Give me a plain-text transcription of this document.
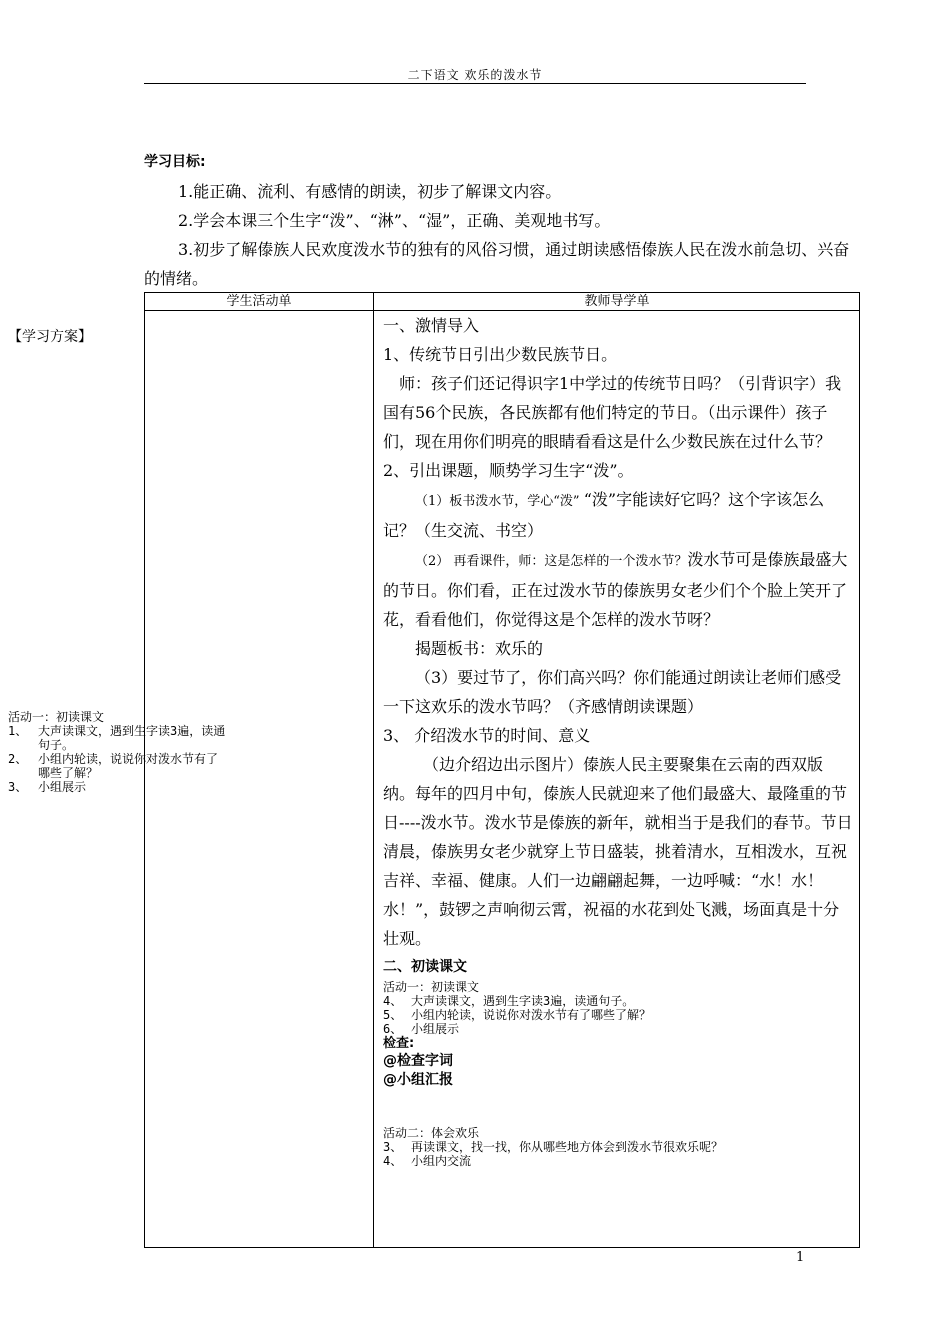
二下语文 欢乐的泼水节
学习目标:
1.能正确、流利、有感情的朗读，初步了解课文内容。
2.学会本课三个生字“泼”、“淋”、“湿”，正确、美观地书写。
3.初步了解傣族人民欢度泼水节的独有的风俗习惯，通过朗读感悟傣族人民在泼水前急切、兴奋的情绪。
学生活动单	教师导学单
【学习方案】
活动一：初读课文
1、 大声读课文，遇到生字读3遍，读通句子。
2、 小组内轮读，说说你对泼水节有了哪些了解？
3、 小组展示
一、激情导入
1、传统节日引出少数民族节日。
师：孩子们还记得识字1中学过的传统节日吗？（引背识字）我国有56个民族，各民族都有他们特定的节日。（出示课件）孩子们，现在用你们明亮的眼睛看看这是什么少数民族在过什么节？
2、引出课题，顺势学习生字“泼”。
（1）板书泼水节，学心“泼” “泼”字能读好它吗？这个字该怎么记？（生交流、书空）
（2） 再看课件，师：这是怎样的一个泼水节？泼水节可是傣族最盛大的节日。你们看，正在过泼水节的傣族男女老少们个个脸上笑开了花，看看他们，你觉得这是个怎样的泼水节呀？
揭题板书：欢乐的
（3）要过节了，你们高兴吗？你们能通过朗读让老师们感受一下这欢乐的泼水节吗？（齐感情朗读课题）
3、 介绍泼水节的时间、意义
（边介绍边出示图片）傣族人民主要聚集在云南的西双版纳。每年的四月中旬，傣族人民就迎来了他们最盛大、最隆重的节日----泼水节。泼水节是傣族的新年，就相当于是我们的春节。节日清晨，傣族男女老少就穿上节日盛装，挑着清水，互相泼水，互祝吉祥、幸福、健康。人们一边翩翩起舞，一边呼喊：“水！水！水！”，鼓锣之声响彻云霄，祝福的水花到处飞溅，场面真是十分壮观。
二、初读课文
活动一：初读课文
4、 大声读课文，遇到生字读3遍，读通句子。
5、 小组内轮读，说说你对泼水节有了哪些了解？
6、 小组展示
检查:
@检查字词
@小组汇报
活动二：体会欢乐
3、 再读课文，找一找，你从哪些地方体会到泼水节很欢乐呢？
4、 小组内交流
1
